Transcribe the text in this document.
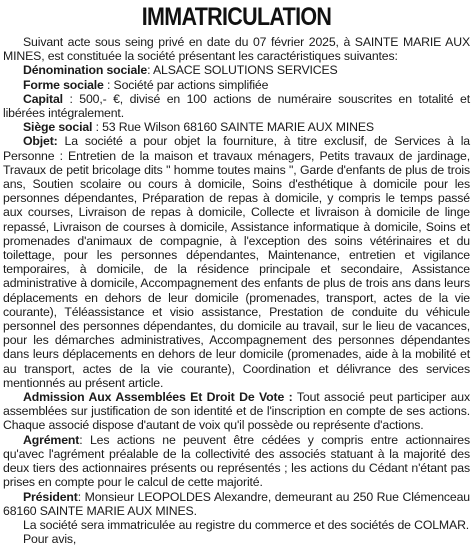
IMMATRICULATION

Suivant acte sous seing privé en date du 07 février 2025, à SAINTE MARIE AUX MINES, est constituée la société présentant les caractéristiques suivantes:

Dénomination sociale: ALSACE SOLUTIONS SERVICES

Forme sociale : Société par actions simplifiée

Capital : 500,- €, divisé en 100 actions de numéraire souscrites en totalité et libérées intégralement.

Siège social : 53 Rue Wilson 68160 SAINTE MARIE AUX MINES

Objet: La société a pour objet la fourniture, à titre exclusif, de Services à la Personne : Entretien de la maison et travaux ménagers, Petits travaux de jardinage, Travaux de petit bricolage dits " homme toutes mains ", Garde d'enfants de plus de trois ans, Soutien scolaire ou cours à domicile, Soins d'esthétique à domicile pour les personnes dépendantes, Préparation de repas à domicile, y compris le temps passé aux courses, Livraison de repas à domicile, Collecte et livraison à domicile de linge repassé, Livraison de courses à domicile, Assistance informatique à domicile, Soins et promenades d'animaux de compagnie, à l'exception des soins vétérinaires et du toilettage, pour les personnes dépendantes, Maintenance, entretien et vigilance temporaires, à domicile, de la résidence principale et secondaire, Assistance administrative à domicile, Accompagnement des enfants de plus de trois ans dans leurs déplacements en dehors de leur domicile (promenades, transport, actes de la vie courante), Téléassistance et visio assistance, Prestation de conduite du véhicule personnel des personnes dépendantes, du domicile au travail, sur le lieu de vacances, pour les démarches administratives, Accompagnement des personnes dépendantes dans leurs déplacements en dehors de leur domicile (promenades, aide à la mobilité et au transport, actes de la vie courante), Coordination et délivrance des services mentionnés au présent article.

Admission Aux Assemblées Et Droit De Vote : Tout associé peut participer aux assemblées sur justification de son identité et de l'inscription en compte de ses actions. Chaque associé dispose d'autant de voix qu'il possède ou représente d'actions.

Agrément: Les actions ne peuvent être cédées y compris entre actionnaires qu'avec l'agrément préalable de la collectivité des associés statuant à la majorité des deux tiers des actionnaires présents ou représentés ; les actions du Cédant n'étant pas prises en compte pour le calcul de cette majorité.

Président: Monsieur LEOPOLDES Alexandre, demeurant au 250 Rue Clémenceau 68160 SAINTE MARIE AUX MINES.

La société sera immatriculée au registre du commerce et des sociétés de COLMAR.

Pour avis,
